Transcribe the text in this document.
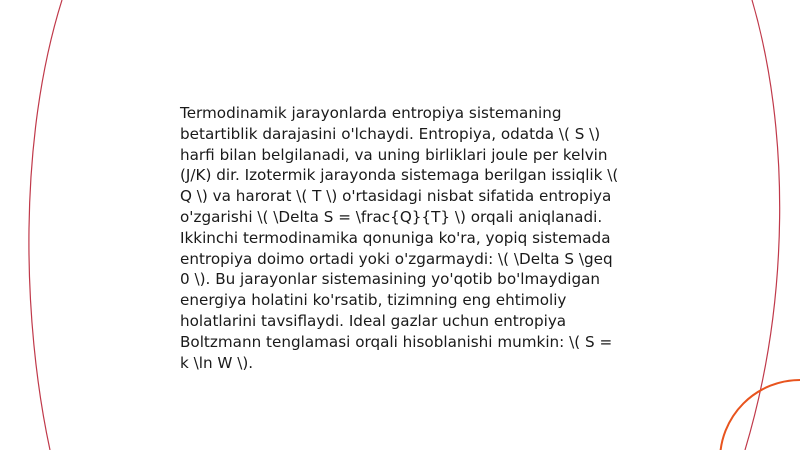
Termodinamik jarayonlarda entropiya sistemaning betartiblik darajasini o'lchaydi. Entropiya, odatda \( S \) harfi bilan belgilanadi, va uning birliklari joule per kelvin (J/K) dir. Izotermik jarayonda sistemaga berilgan issiqlik \( Q \) va harorat \( T \) o'rtasidagi nisbat sifatida entropiya o'zgarishi \( \Delta S = \frac{Q}{T} \) orqali aniqlanadi. Ikkinchi termodinamika qonuniga ko'ra, yopiq sistemada entropiya doimo ortadi yoki o'zgarmaydi: \( \Delta S \geq 0 \). Bu jarayonlar sistemasining yo'qotib bo'lmaydigan energiya holatini ko'rsatib, tizimning eng ehtimoliy holatlarini tavsiflaydi. Ideal gazlar uchun entropiya Boltzmann tenglamasi orqali hisoblanishi mumkin: \( S = k \ln W \).
